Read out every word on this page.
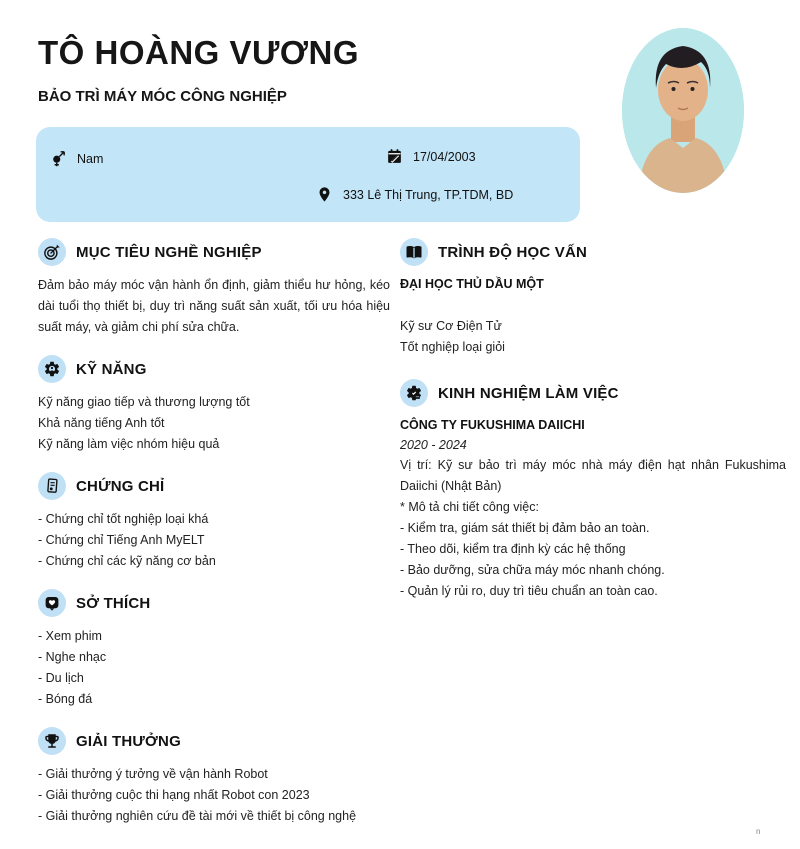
TÔ HOÀNG VƯƠNG
BẢO TRÌ MÁY MÓC CÔNG NGHIỆP
Nam	17/04/2003
333 Lê Thị Trung, TP.TDM, BD
MỤC TIÊU NGHỀ NGHIỆP

Đảm bảo máy móc vận hành ổn định, giảm thiểu hư hỏng, kéo dài tuổi thọ thiết bị, duy trì năng suất sản xuất, tối ưu hóa hiệu suất máy, và giảm chi phí sửa chữa.

KỸ NĂNG
Kỹ năng giao tiếp và thương lượng tốt
Khả năng tiếng Anh tốt
Kỹ năng làm việc nhóm hiệu quả
CHỨNG CHỈ
- Chứng chỉ tốt nghiệp loại khá
- Chứng chỉ Tiếng Anh MyELT
- Chứng chỉ các kỹ năng cơ bản
SỞ THÍCH
- Xem phim
- Nghe nhạc
- Du lịch
- Bóng đá
GIẢI THƯỞNG
- Giải thưởng ý tưởng về vận hành Robot
- Giải thưởng cuộc thi hạng nhất Robot con 2023
- Giải thưởng nghiên cứu đề tài mới về thiết bị công nghệ
TRÌNH ĐỘ HỌC VẤN
ĐẠI HỌC THỦ DẦU MỘT
Kỹ sư Cơ Điện Tử
Tốt nghiệp loại giỏi
KINH NGHIỆM LÀM VIỆC
CÔNG TY FUKUSHIMA DAIICHI
2020 - 2024

Vị trí: Kỹ sư bảo trì máy móc nhà máy điện hạt nhân Fukushima Daiichi (Nhật Bản)

* Mô tả chi tiết công việc:

- Kiểm tra, giám sát thiết bị đảm bảo an toàn.
- Theo dõi, kiểm tra định kỳ các hệ thống
- Bảo dưỡng, sửa chữa máy móc nhanh chóng.
- Quản lý rủi ro, duy trì tiêu chuẩn an toàn cao.
n
